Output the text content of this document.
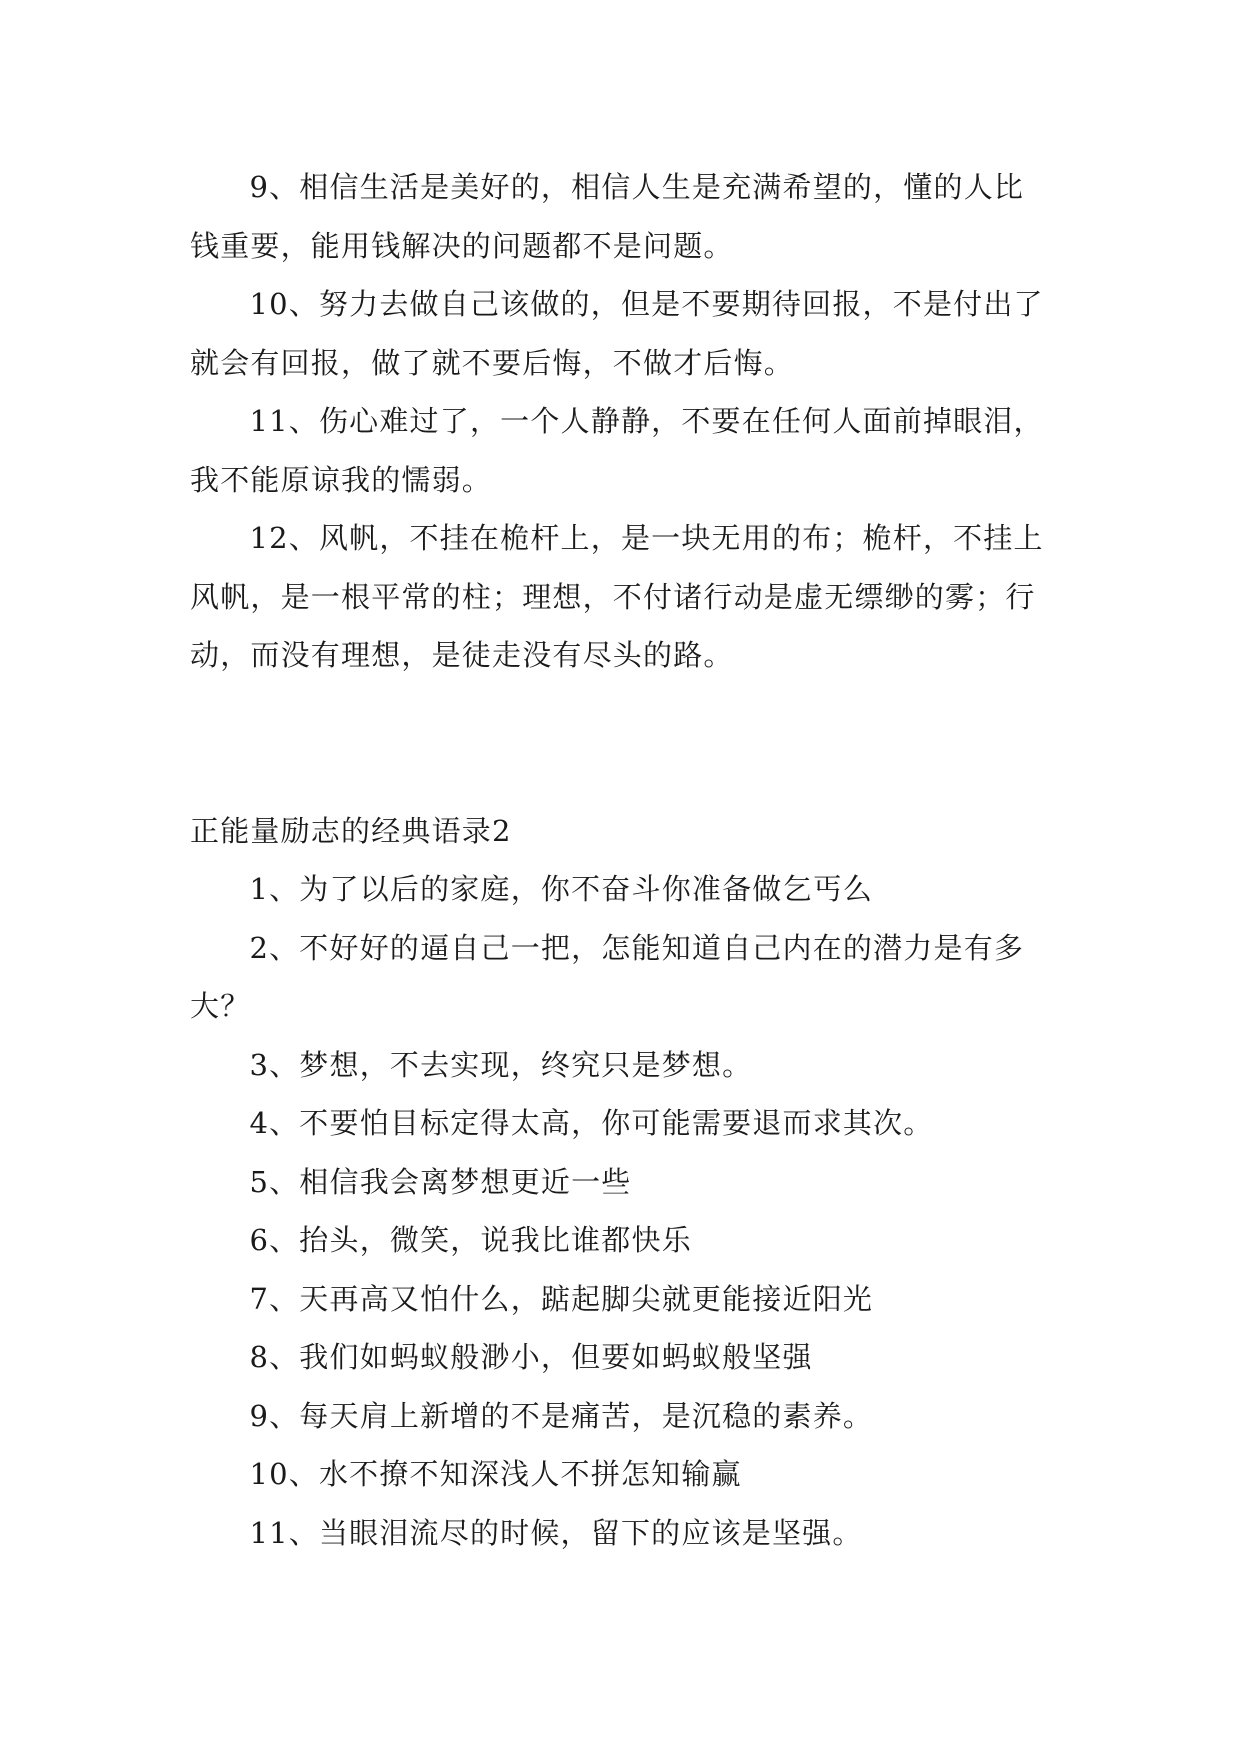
9、相信生活是美好的，相信人生是充满希望的，懂的人比钱重要，能用钱解决的问题都不是问题。

10、努力去做自己该做的，但是不要期待回报，不是付出了就会有回报，做了就不要后悔，不做才后悔。

11、伤心难过了，一个人静静，不要在任何人面前掉眼泪，我不能原谅我的懦弱。

12、风帆，不挂在桅杆上，是一块无用的布；桅杆，不挂上风帆，是一根平常的柱；理想，不付诸行动是虚无缥缈的雾；行动，而没有理想，是徒走没有尽头的路。

正能量励志的经典语录2

1、为了以后的家庭，你不奋斗你准备做乞丐么

2、不好好的逼自己一把，怎能知道自己内在的潜力是有多大？

3、梦想，不去实现，终究只是梦想。

4、不要怕目标定得太高，你可能需要退而求其次。

5、相信我会离梦想更近一些

6、抬头，微笑，说我比谁都快乐

7、天再高又怕什么，踮起脚尖就更能接近阳光

8、我们如蚂蚁般渺小，但要如蚂蚁般坚强

9、每天肩上新增的不是痛苦，是沉稳的素养。

10、水不撩不知深浅人不拼怎知输赢

11、当眼泪流尽的时候，留下的应该是坚强。
